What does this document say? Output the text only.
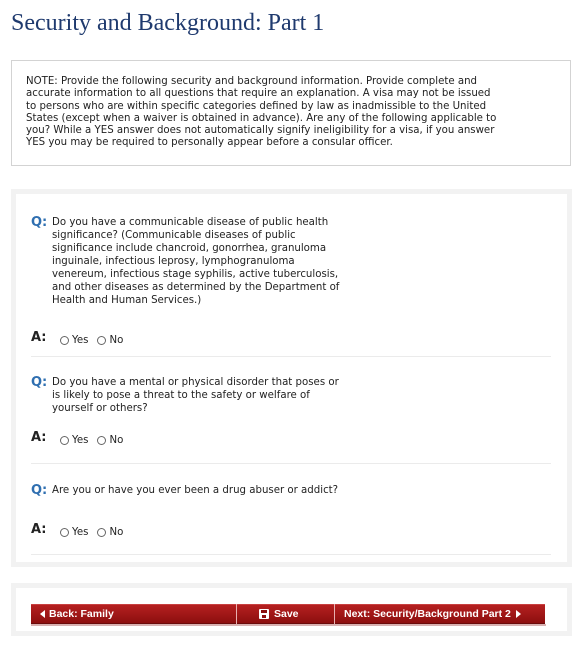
Security and Background: Part 1

NOTE: Provide the following security and background information. Provide complete and
accurate information to all questions that require an explanation. A visa may not be issued
to persons who are within specific categories defined by law as inadmissible to the United
States (except when a waiver is obtained in advance). Are any of the following applicable to
you? While a YES answer does not automatically signify ineligibility for a visa, if you answer
YES you may be required to personally appear before a consular officer.

Q: Do you have a communicable disease of public health
significance? (Communicable diseases of public
significance include chancroid, gonorrhea, granuloma
inguinale, infectious leprosy, lymphogranuloma
venereum, infectious stage syphilis, active tuberculosis,
and other diseases as determined by the Department of
Health and Human Services.)

A: Yes No
Q: Do you have a mental or physical disorder that poses or
is likely to pose a threat to the safety or welfare of
yourself or others?

A: Yes No
Q: Are you or have you ever been a drug abuser or addict?

A: Yes No
Back: Family	Save	Next: Security/Background Part 2
